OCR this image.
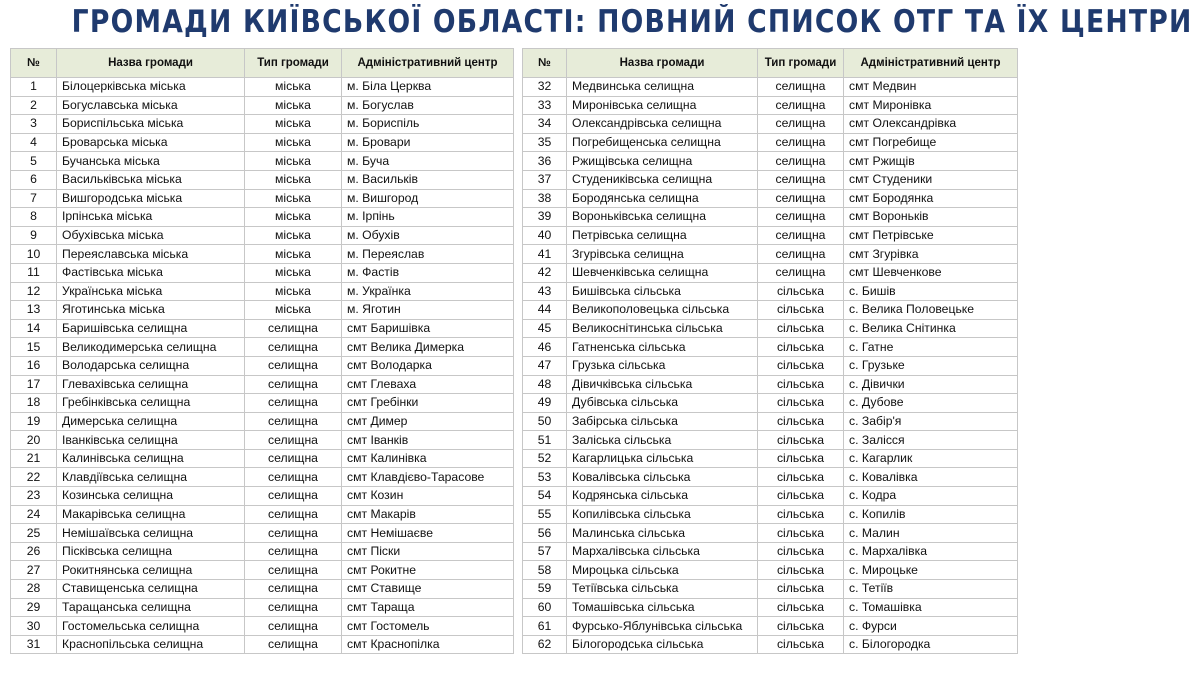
ГРОМАДИ КИЇВСЬКОЇ ОБЛАСТІ: ПОВНИЙ СПИСОК ОТГ ТА ЇХ ЦЕНТРИ
№	Назва громади	Тип громади	Адміністративний центр
1	Білоцерківська міська	міська	м. Біла Церква
2	Богуславська міська	міська	м. Богуслав
3	Бориспільська міська	міська	м. Бориспіль
4	Броварська міська	міська	м. Бровари
5	Бучанська міська	міська	м. Буча
6	Васильківська міська	міська	м. Васильків
7	Вишгородська міська	міська	м. Вишгород
8	Ірпінська міська	міська	м. Ірпінь
9	Обухівська міська	міська	м. Обухів
10	Переяславська міська	міська	м. Переяслав
11	Фастівська міська	міська	м. Фастів
12	Українська міська	міська	м. Українка
13	Яготинська міська	міська	м. Яготин
14	Баришівська селищна	селищна	смт Баришівка
15	Великодимерська селищна	селищна	смт Велика Димерка
16	Володарська селищна	селищна	смт Володарка
17	Глевахівська селищна	селищна	смт Глеваха
18	Гребінківська селищна	селищна	смт Гребінки
19	Димерська селищна	селищна	смт Димер
20	Іванківська селищна	селищна	смт Іванків
21	Калинівська селищна	селищна	смт Калинівка
22	Клавдіївська селищна	селищна	смт Клавдієво-Тарасове
23	Козинська селищна	селищна	смт Козин
24	Макарівська селищна	селищна	смт Макарів
25	Немішаївська селищна	селищна	смт Немішаєве
26	Пісківська селищна	селищна	смт Піски
27	Рокитнянська селищна	селищна	смт Рокитне
28	Ставищенська селищна	селищна	смт Ставище
29	Таращанська селищна	селищна	смт Тараща
30	Гостомельська селищна	селищна	смт Гостомель
31	Краснопільська селищна	селищна	смт Краснопілка
№	Назва громади	Тип громади	Адміністративний центр
32	Медвинська селищна	селищна	смт Медвин
33	Миронівська селищна	селищна	смт Миронівка
34	Олександрівська селищна	селищна	смт Олександрівка
35	Погребищенська селищна	селищна	смт Погребище
36	Ржищівська селищна	селищна	смт Ржищів
37	Студениківська селищна	селищна	смт Студеники
38	Бородянська селищна	селищна	смт Бородянка
39	Вороньківська селищна	селищна	смт Вороньків
40	Петрівська селищна	селищна	смт Петрівське
41	Згурівська селищна	селищна	смт Згурівка
42	Шевченківська селищна	селищна	смт Шевченкове
43	Бишівська сільська	сільська	с. Бишів
44	Великополовецька сільська	сільська	с. Велика Половецьке
45	Великоснітинська сільська	сільська	с. Велика Снітинка
46	Гатненська сільська	сільська	с. Гатне
47	Грузька сільська	сільська	с. Грузьке
48	Дівичківська сільська	сільська	с. Дівички
49	Дубівська сільська	сільська	с. Дубове
50	Забірська сільська	сільська	с. Забір'я
51	Заліська сільська	сільська	с. Залісся
52	Кагарлицька сільська	сільська	с. Кагарлик
53	Ковалівська сільська	сільська	с. Ковалівка
54	Кодрянська сільська	сільська	с. Кодра
55	Копилівська сільська	сільська	с. Копилів
56	Малинська сільська	сільська	с. Малин
57	Мархалівська сільська	сільська	с. Мархалівка
58	Мироцька сільська	сільська	с. Мироцьке
59	Тетіївська сільська	сільська	с. Тетіїв
60	Томашівська сільська	сільська	с. Томашівка
61	Фурсько-Яблунівська сільська	сільська	с. Фурси
62	Білогородська сільська	сільська	с. Білогородка
